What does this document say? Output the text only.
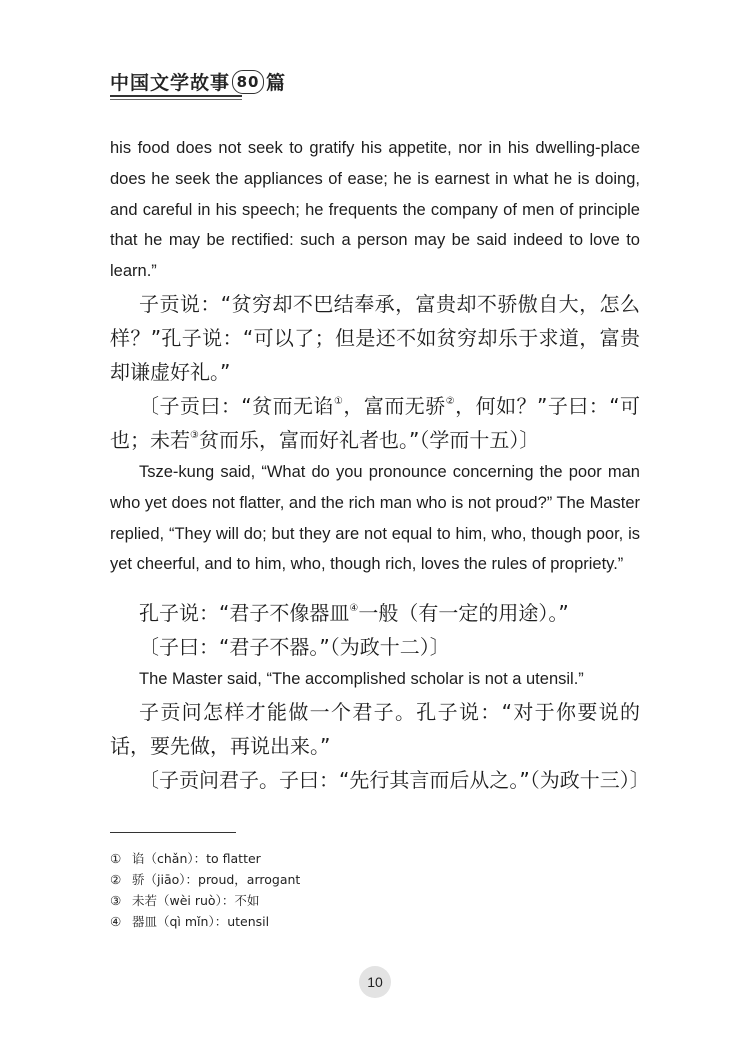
中国文学故事 80 篇

his food does not seek to gratify his appetite, nor in his dwelling-place does he seek the appliances of ease; he is earnest in what he is doing, and careful in his speech; he frequents the company of men of principle that he may be rectified: such a person may be said indeed to love to learn.”

子贡说：“贫穷却不巴结奉承，富贵却不骄傲自大，怎么样？”孔子说：“可以了；但是还不如贫穷却乐于求道，富贵却谦虚好礼。”

〔子贡曰：“贫而无谄①，富而无骄②，何如？”子曰：“可也；未若③贫而乐，富而好礼者也。”（学而十五）〕

Tsze-kung said, “What do you pronounce concerning the poor man who yet does not flatter, and the rich man who is not proud?” The Master replied, “They will do; but they are not equal to him, who, though poor, is yet cheerful, and to him, who, though rich, loves the rules of propriety.”

孔子说：“君子不像器皿④一般（有一定的用途）。”

〔子曰：“君子不器。”（为政十二）〕

The Master said, “The accomplished scholar is not a utensil.”

子贡问怎样才能做一个君子。孔子说：“对于你要说的话，要先做，再说出来。”

〔子贡问君子。子曰：“先行其言而后从之。”（为政十三）〕

① 谄（chǎn）：to flatter
② 骄（jiāo）：proud，arrogant
③ 未若（wèi ruò）：不如
④ 器皿（qì mǐn）：utensil
10
